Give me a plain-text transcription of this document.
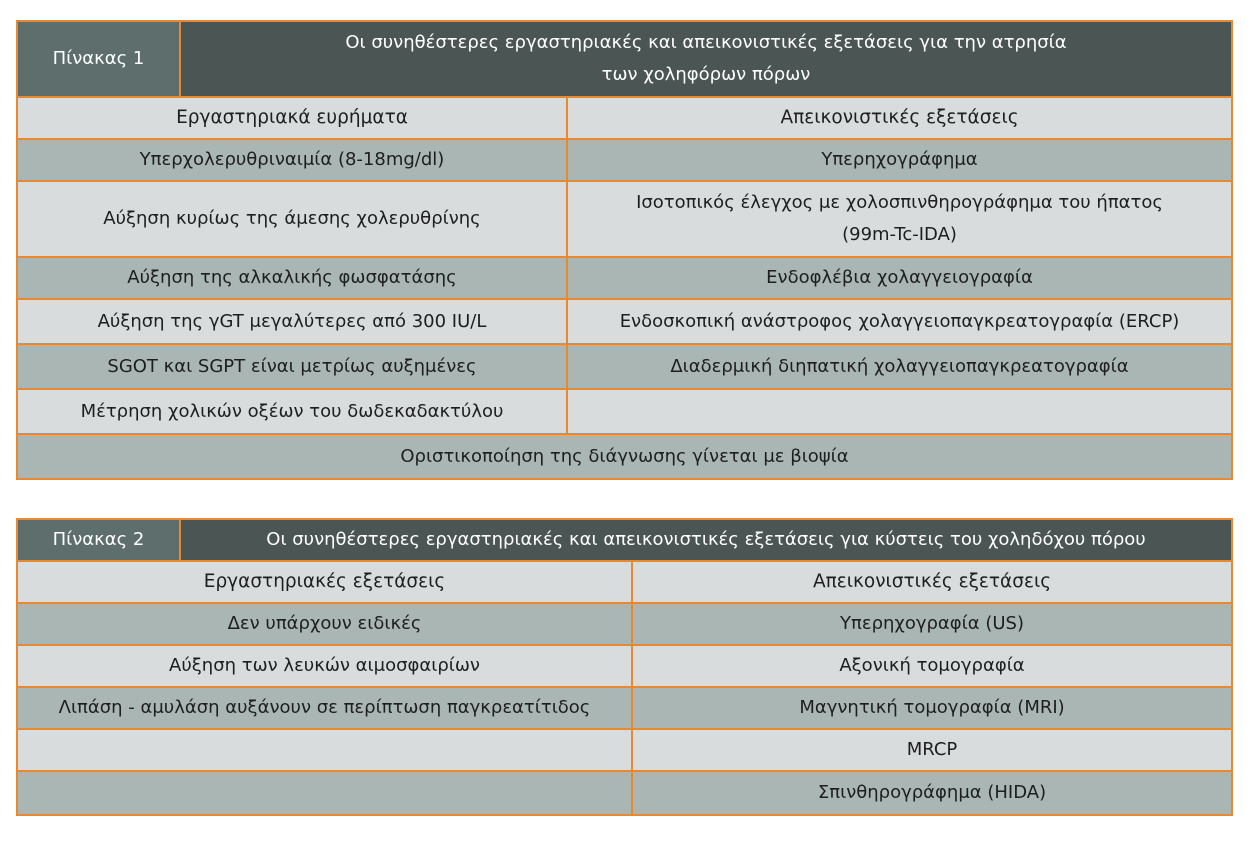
Πίνακας 1	Οι συνηθέστερες εργαστηριακές και απεικονιστικές εξετάσεις για την ατρησία
των χοληφόρων πόρων	

Εργαστηριακά ευρήματα		Απεικονιστικές εξετάσεις
Υπερχολερυθριναιμία (8-18mg/dl)		Υπερηχογράφημα
Αύξηση κυρίως της άμεσης χολερυθρίνης		Ισοτοπικός έλεγχος με χολοσπινθηρογράφημα του ήπατος
(99m-Tc-IDA)

Αύξηση της αλκαλικής φωσφατάσης		Ενδοφλέβια χολαγγειογραφία
Αύξηση της γGT μεγαλύτερες από 300 IU/L		Ενδοσκοπική ανάστροφος χολαγγειοπαγκρεατογραφία (ERCP)
SGOT και SGPT είναι μετρίως αυξημένες		Διαδερμική διηπατική χολαγγειοπαγκρεατογραφία
Μέτρηση χολικών οξέων του δωδεκαδακτύλου		
Οριστικοποίηση της διάγνωσης γίνεται με βιοψία		
Πίνακας 2	Οι συνηθέστερες εργαστηριακές και απεικονιστικές εξετάσεις για κύστεις του χοληδόχου πόρου	
Εργαστηριακές εξετάσεις		Απεικονιστικές εξετάσεις
Δεν υπάρχουν ειδικές		Υπερηχογραφία (US)
Αύξηση των λευκών αιμοσφαιρίων		Αξονική τομογραφία
Λιπάση - αμυλάση αυξάνουν σε περίπτωση παγκρεατίτιδος		Μαγνητική τομογραφία (MRI)
		MRCP
		Σπινθηρογράφημα (HIDA)
